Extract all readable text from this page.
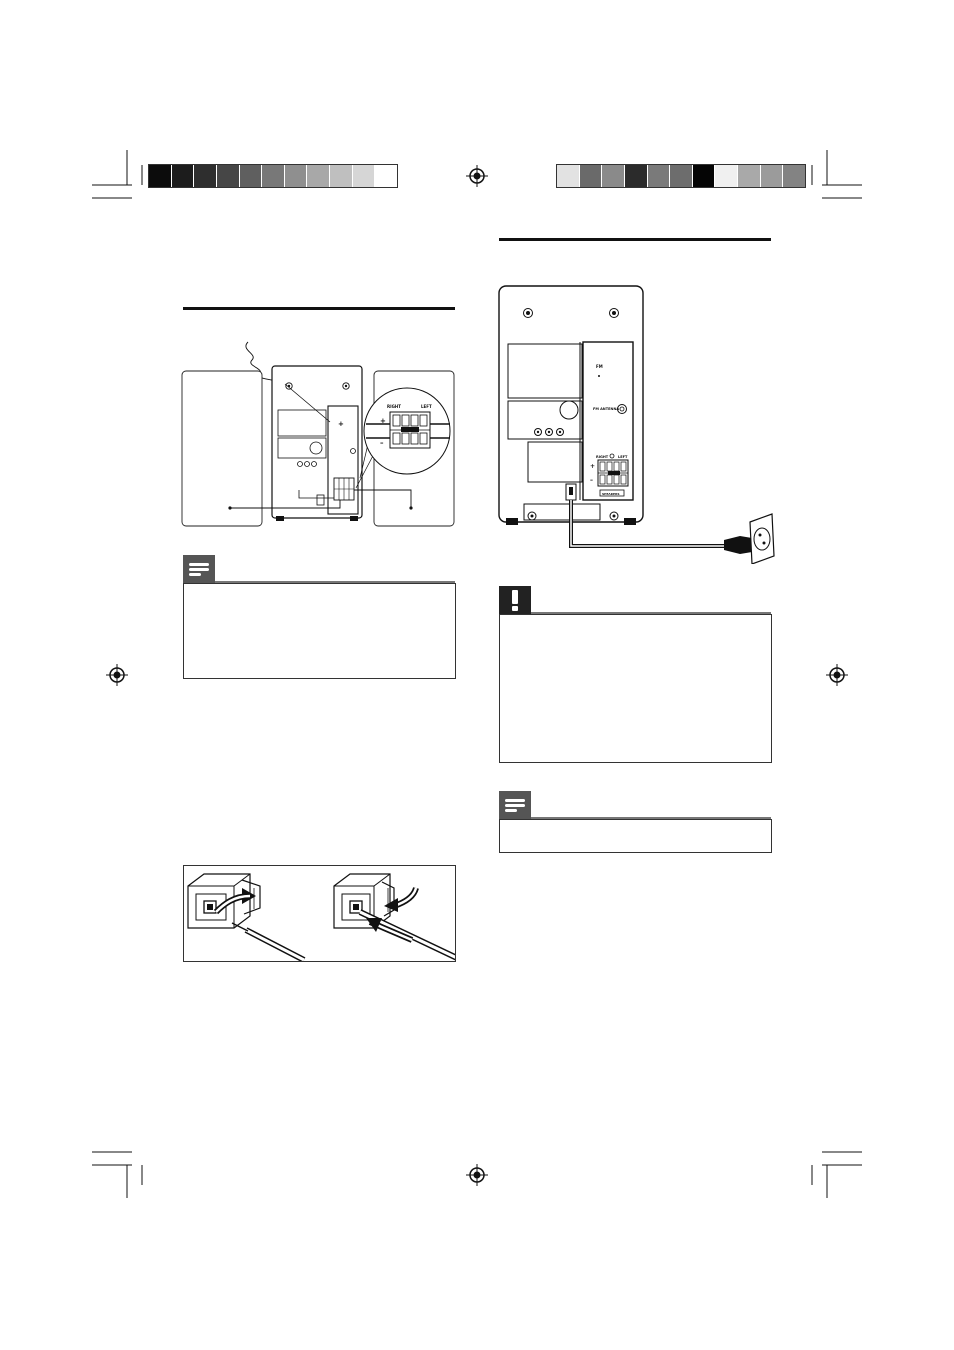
+
RIGHT	LEFT
+
–
FM
FM ANTENNA
RIGHT	LEFT
+
–
SPEAKERS
